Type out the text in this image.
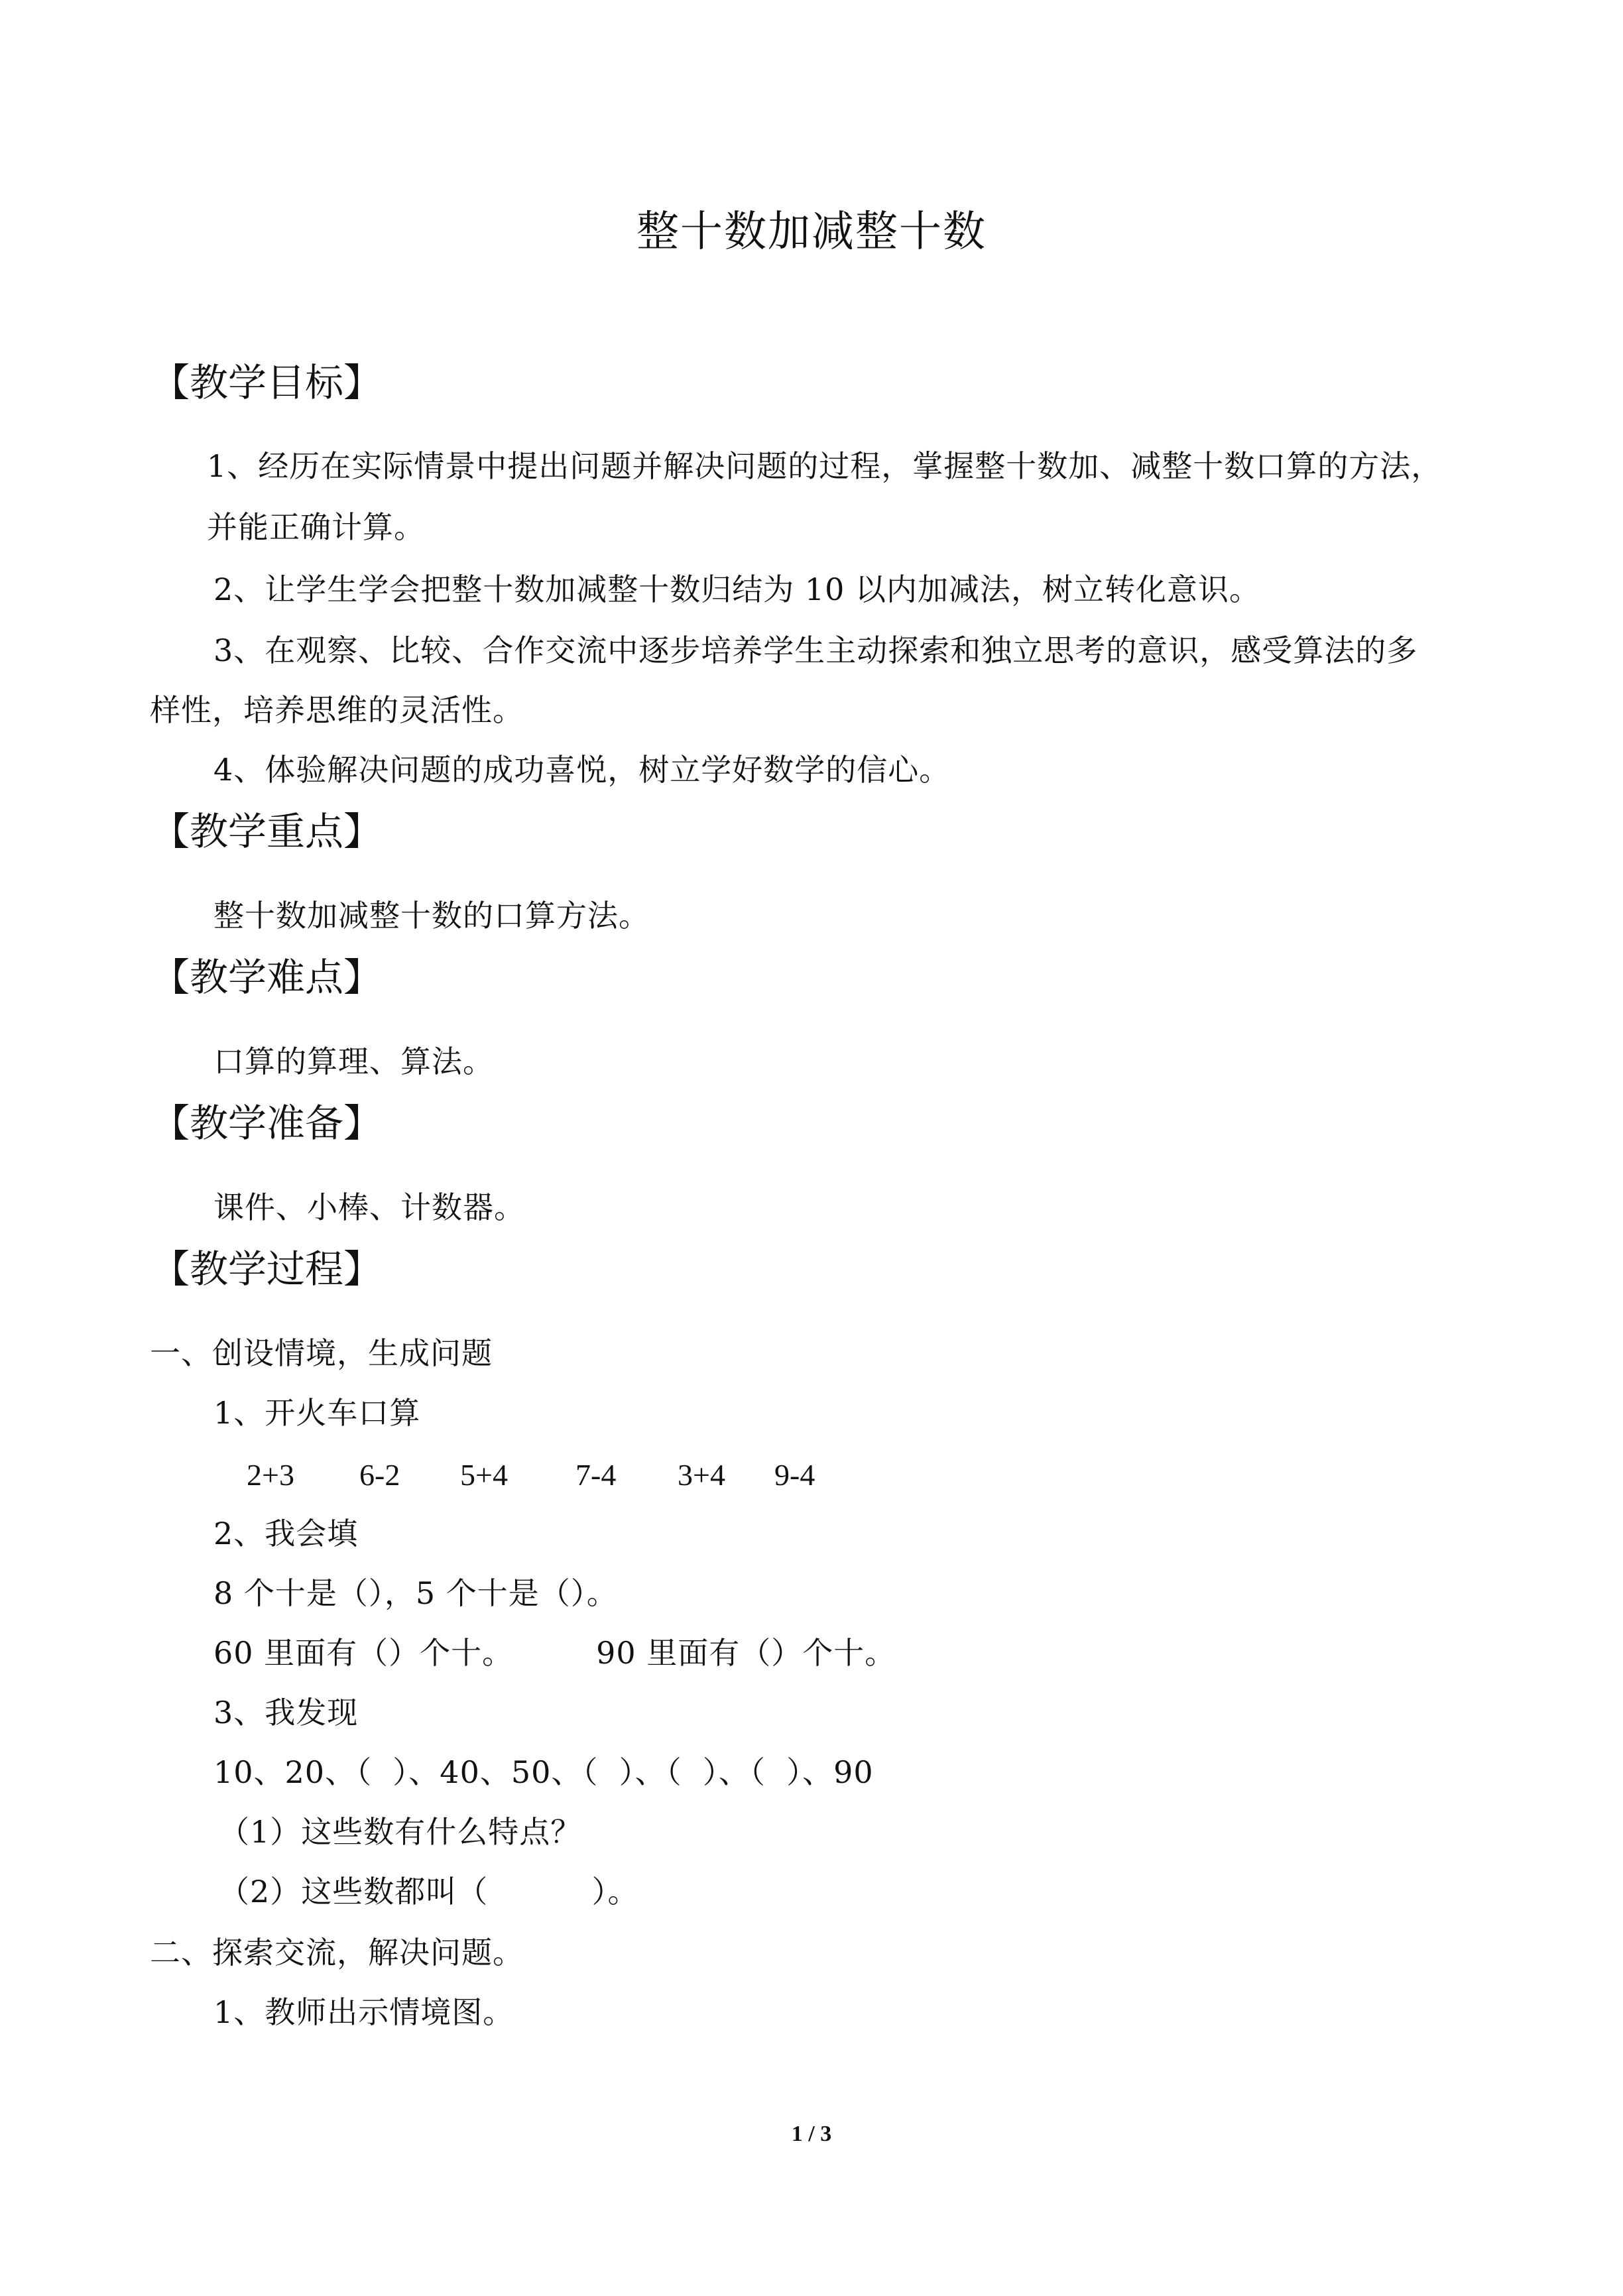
整十数加减整十数
【教学目标】
1、经历在实际情景中提出问题并解决问题的过程，掌握整十数加、减整十数口算的方法，
并能正确计算。
2、让学生学会把整十数加减整十数归结为 10 以内加减法，树立转化意识。
3、在观察、比较、合作交流中逐步培养学生主动探索和独立思考的意识，感受算法的多
样性，培养思维的灵活性。
4、体验解决问题的成功喜悦，树立学好数学的信心。
【教学重点】
整十数加减整十数的口算方法。
【教学难点】
口算的算理、算法。
【教学准备】
课件、小棒、计数器。
【教学过程】
一、创设情境，生成问题
1、开火车口算
2+3 6-2 5+4 7-4 3+4 9-4
2、我会填
8 个十是（），5 个十是（）。
60 里面有（）个十。        90 里面有（）个十。
3、我发现
10、20、（  ）、40、50、（  ）、（  ）、（  ）、90
（1）这些数有什么特点？
（2）这些数都叫（          ）。
二、探索交流，解决问题。
1、教师出示情境图。
1 / 3
